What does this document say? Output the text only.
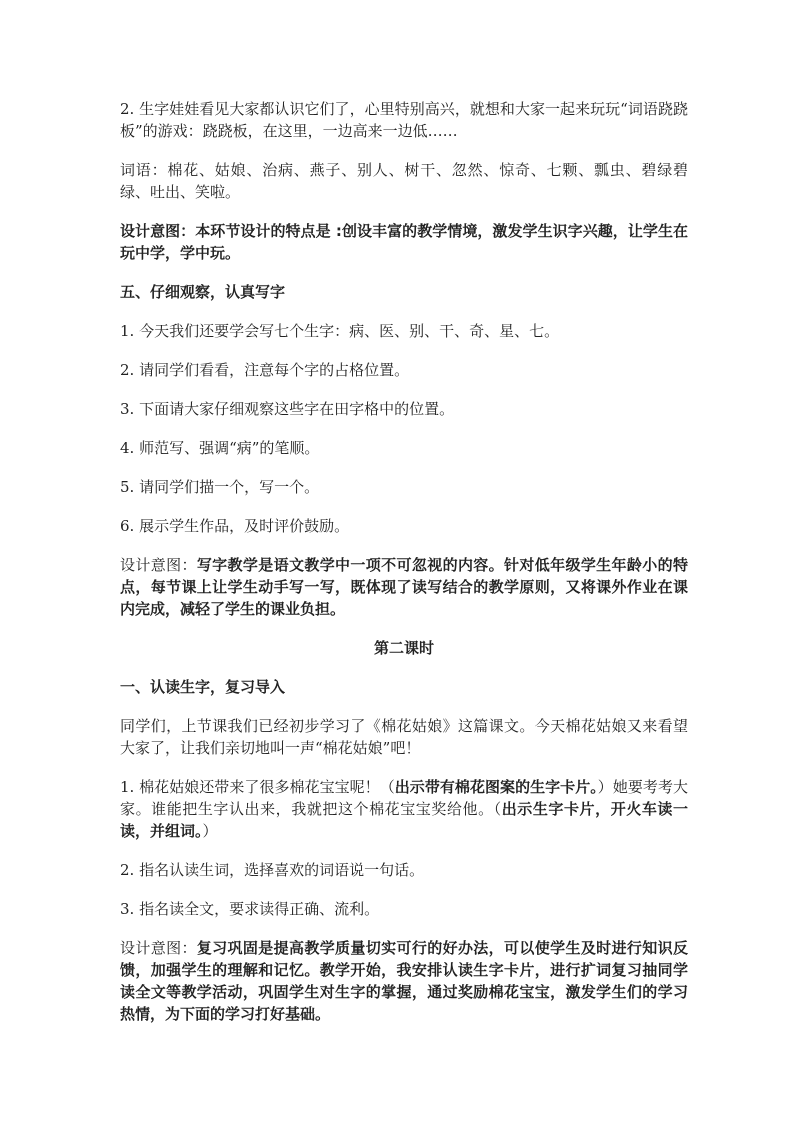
2. 生字娃娃看见大家都认识它们了，心里特别高兴，就想和大家一起来玩玩“词语跷跷板”的游戏：跷跷板，在这里，一边高来一边低……

词语：棉花、姑娘、治病、燕子、别人、树干、忽然、惊奇、七颗、瓢虫、碧绿碧绿、吐出、笑啦。

设计意图：本环节设计的特点是 :创设丰富的教学情境，激发学生识字兴趣，让学生在玩中学，学中玩。

五、仔细观察，认真写字

1. 今天我们还要学会写七个生字：病、医、别、干、奇、星、七。

2. 请同学们看看，注意每个字的占格位置。

3. 下面请大家仔细观察这些字在田字格中的位置。

4. 师范写、强调“病”的笔顺。

5. 请同学们描一个，写一个。

6. 展示学生作品，及时评价鼓励。

设计意图：写字教学是语文教学中一项不可忽视的内容。针对低年级学生年龄小的特点，每节课上让学生动手写一写，既体现了读写结合的教学原则，又将课外作业在课内完成，减轻了学生的课业负担。

第二课时

一、认读生字，复习导入

同学们，上节课我们已经初步学习了《棉花姑娘》这篇课文。今天棉花姑娘又来看望大家了，让我们亲切地叫一声“棉花姑娘”吧！

1. 棉花姑娘还带来了很多棉花宝宝呢！（出示带有棉花图案的生字卡片。）她要考考大家。谁能把生字认出来，我就把这个棉花宝宝奖给他。（出示生字卡片，开火车读一读，并组词。）

2. 指名认读生词，选择喜欢的词语说一句话。

3. 指名读全文，要求读得正确、流利。

设计意图：复习巩固是提高教学质量切实可行的好办法，可以使学生及时进行知识反馈，加强学生的理解和记忆。教学开始，我安排认读生字卡片，进行扩词复习抽同学读全文等教学活动，巩固学生对生字的掌握，通过奖励棉花宝宝，激发学生们的学习热情，为下面的学习打好基础。
